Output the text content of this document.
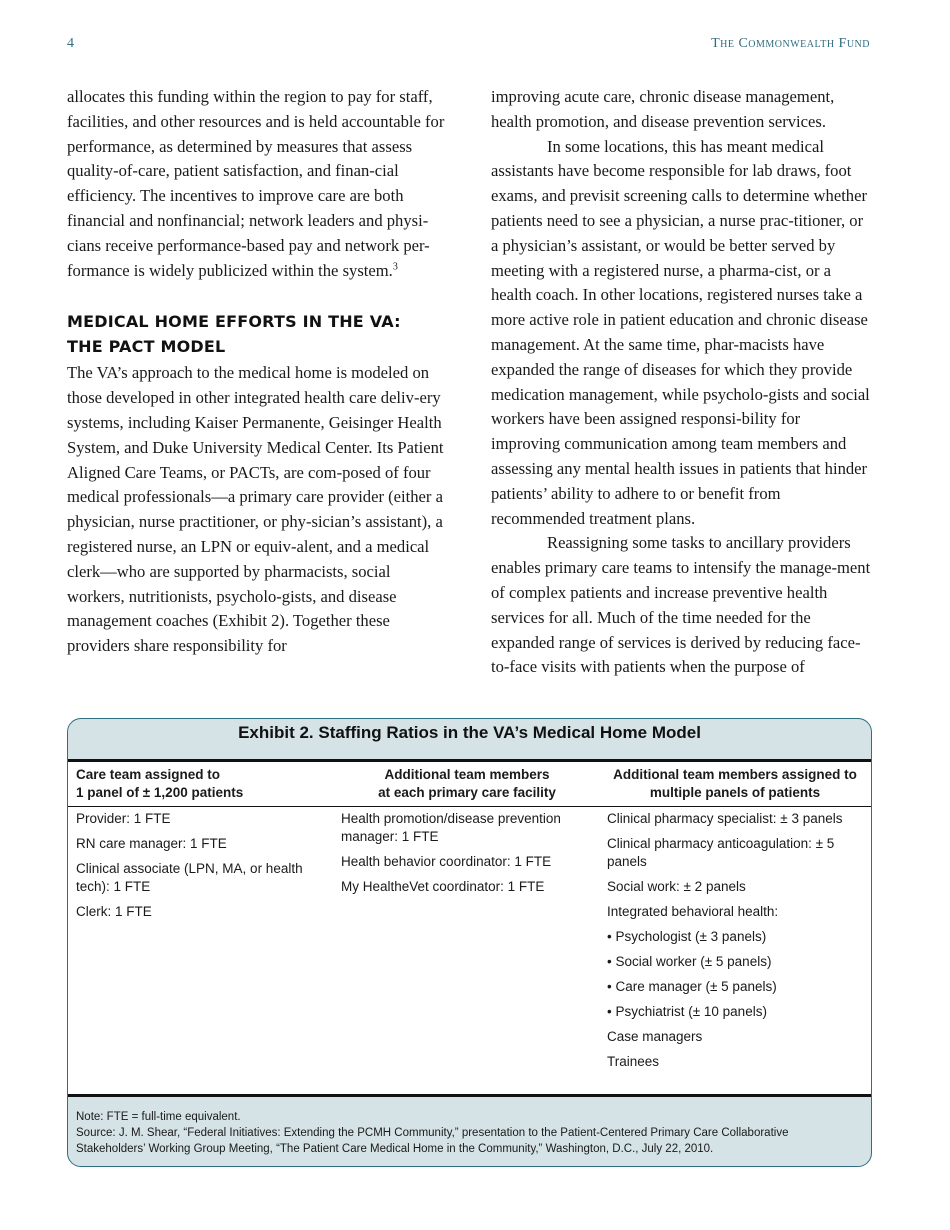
4	The Commonwealth Fund

allocates this funding within the region to pay for staff, facilities, and other resources and is held accountable for performance, as determined by measures that assess quality-of-care, patient satisfaction, and finan-cial efficiency. The incentives to improve care are both financial and nonfinancial; network leaders and physi-cians receive performance-based pay and network per-formance is widely publicized within the system.$^3$

MEDICAL HOME EFFORTS IN THE VA:
THE PACT MODEL

The VA’s approach to the medical home is modeled on those developed in other integrated health care deliv-ery systems, including Kaiser Permanente, Geisinger Health System, and Duke University Medical Center. Its Patient Aligned Care Teams, or PACTs, are com-posed of four medical professionals—a primary care provider (either a physician, nurse practitioner, or phy-sician’s assistant), a registered nurse, an LPN or equiv-alent, and a medical clerk—who are supported by pharmacists, social workers, nutritionists, psycholo-gists, and disease management coaches (Exhibit 2). Together these providers share responsibility for

improving acute care, chronic disease management, health promotion, and disease prevention services.

In some locations, this has meant medical assistants have become responsible for lab draws, foot exams, and previsit screening calls to determine whether patients need to see a physician, a nurse prac-titioner, or a physician’s assistant, or would be better served by meeting with a registered nurse, a pharma-cist, or a health coach. In other locations, registered nurses take a more active role in patient education and chronic disease management. At the same time, phar-macists have expanded the range of diseases for which they provide medication management, while psycholo-gists and social workers have been assigned responsi-bility for improving communication among team members and assessing any mental health issues in patients that hinder patients’ ability to adhere to or benefit from recommended treatment plans.

Reassigning some tasks to ancillary providers enables primary care teams to intensify the manage-ment of complex patients and increase preventive health services for all. Much of the time needed for the expanded range of services is derived by reducing face-to-face visits with patients when the purpose of

Exhibit 2. Staffing Ratios in the VA’s Medical Home Model
Care team assigned to
1 panel of ± 1,200 patients
Additional team members
at each primary care facility
Additional team members assigned to
multiple panels of patients
Provider: 1 FTE
RN care manager: 1 FTE
Clinical associate (LPN, MA, or health tech): 1 FTE
Clerk: 1 FTE
Health promotion/disease prevention manager: 1 FTE
Health behavior coordinator: 1 FTE
My HealtheVet coordinator: 1 FTE
Clinical pharmacy specialist: ± 3 panels
Clinical pharmacy anticoagulation: ± 5 panels
Social work: ± 2 panels
Integrated behavioral health:
• Psychologist (± 3 panels)
• Social worker (± 5 panels)
• Care manager (± 5 panels)
• Psychiatrist (± 10 panels)
Case managers
Trainees
Note: FTE = full-time equivalent.
Source: J. M. Shear, “Federal Initiatives: Extending the PCMH Community,” presentation to the Patient-Centered Primary Care Collaborative Stakeholders’ Working Group Meeting, “The Patient Care Medical Home in the Community,” Washington, D.C., July 22, 2010.
